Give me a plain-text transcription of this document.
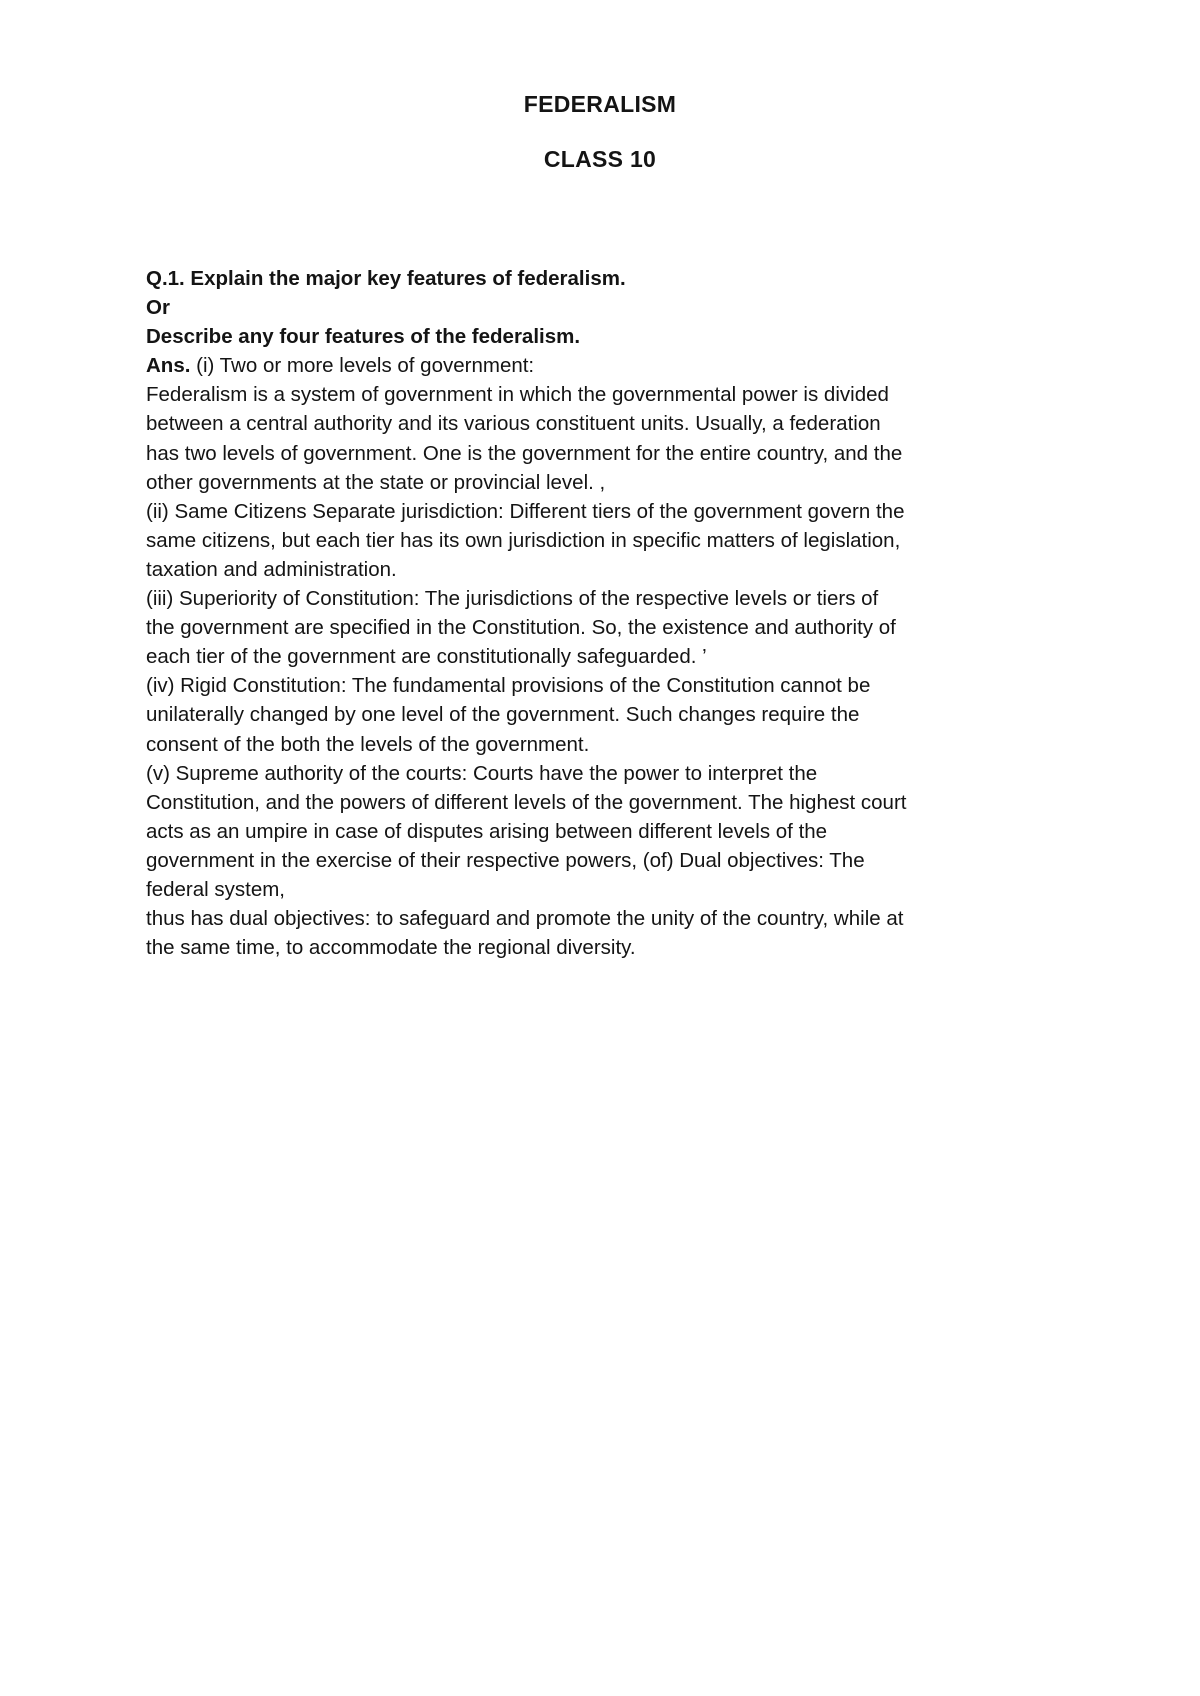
FEDERALISM
CLASS 10
Q.1. Explain the major key features of federalism.
Or
Describe any four features of the federalism.
Ans. (i) Two or more levels of government:
Federalism is a system of government in which the governmental power is divided
between a central authority and its various constituent units. Usually, a federation
has two levels of government. One is the government for the entire country, and the
other governments at the state or provincial level. ,
(ii) Same Citizens Separate jurisdiction: Different tiers of the government govern the
same citizens, but each tier has its own jurisdiction in specific matters of legislation,
taxation and administration.
(iii) Superiority of Constitution: The jurisdictions of the respective levels or tiers of
the government are specified in the Constitution. So, the existence and authority of
each tier of the government are constitutionally safeguarded. ’
(iv) Rigid Constitution: The fundamental provisions of the Constitution cannot be
unilaterally changed by one level of the government. Such changes require the
consent of the both the levels of the government.
(v) Supreme authority of the courts: Courts have the power to interpret the
Constitution, and the powers of different levels of the government. The highest court
acts as an umpire in case of disputes arising between different levels of the
government in the exercise of their respective powers, (of) Dual objectives: The
federal system,
thus has dual objectives: to safeguard and promote the unity of the country, while at
the same time, to accommodate the regional diversity.
